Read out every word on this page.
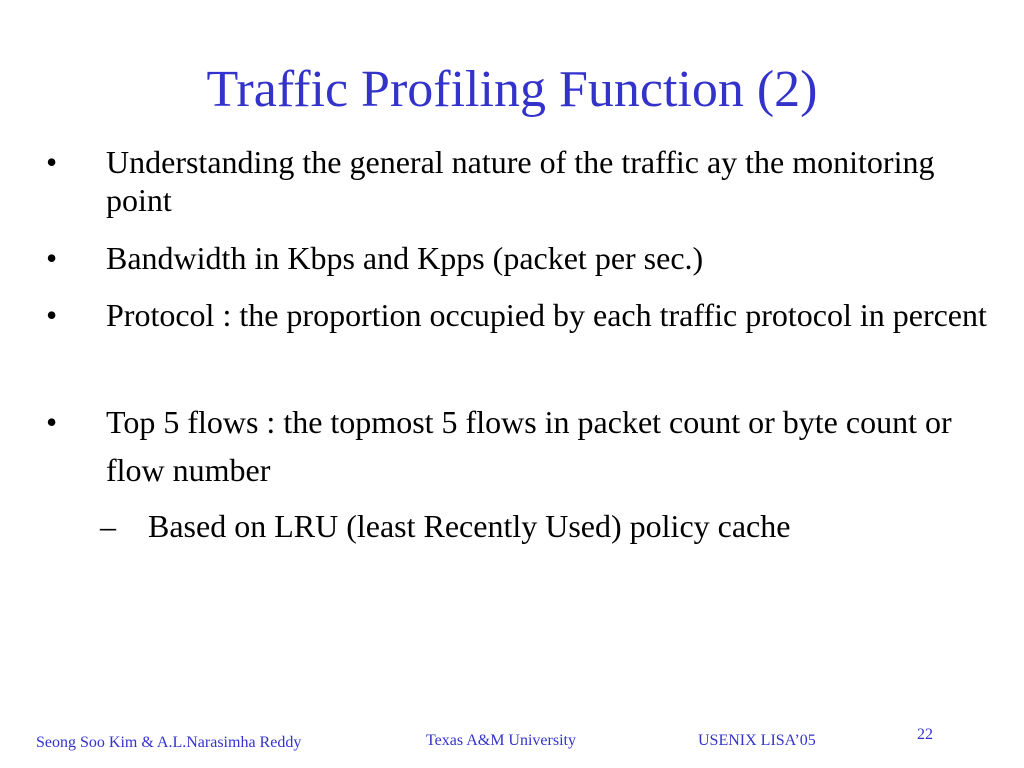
Traffic Profiling Function (2)
• Understanding the general nature of the traffic ay the monitoring point
• Bandwidth in Kbps and Kpps (packet per sec.)
• Protocol : the proportion occupied by each traffic protocol in percent
• Top 5 flows : the topmost 5 flows in packet count or byte count or flow number
– Based on LRU (least Recently Used) policy cache
Seong Soo Kim & A.L.Narasimha Reddy	Texas A&M University	USENIX LISA’05	22
